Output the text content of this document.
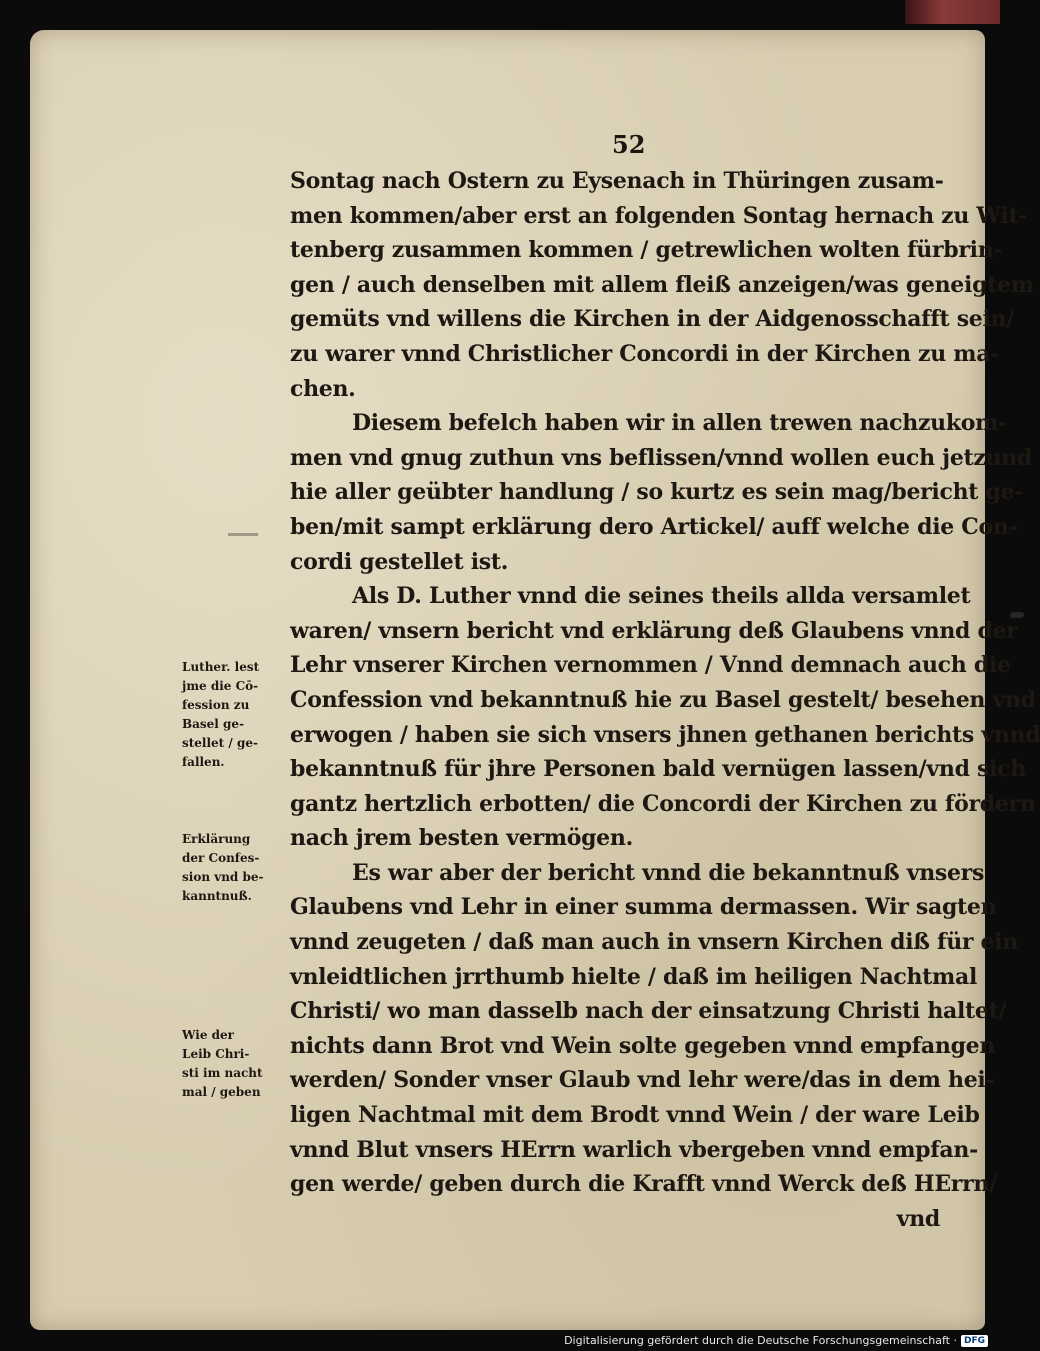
52
Sontag nach Ostern zu Eysenach in Thüringen zusam-
men kommen/aber erst an folgenden Sontag hernach zu Wit-
tenberg zusammen kommen / getrewlichen wolten fürbrin-
gen / auch denselben mit allem fleiß anzeigen/was geneigtem
gemüts vnd willens die Kirchen in der Aidgenosschafft sein/
zu warer vnnd Christlicher Concordi in der Kirchen zu ma-
chen.
Diesem befelch haben wir in allen trewen nachzukom-
men vnd gnug zuthun vns beflissen/vnnd wollen euch jetzund
hie aller geübter handlung / so kurtz es sein mag/bericht ge-
ben/mit sampt erklärung dero Artickel/ auff welche die Con-
cordi gestellet ist.
Als D. Luther vnnd die seines theils allda versamlet
waren/ vnsern bericht vnd erklärung deß Glaubens vnnd der
Lehr vnserer Kirchen vernommen / Vnnd demnach auch die
Confession vnd bekanntnuß hie zu Basel gestelt/ besehen vnd
erwogen / haben sie sich vnsers jhnen gethanen berichts vnnd
bekanntnuß für jhre Personen bald vernügen lassen/vnd sich
gantz hertzlich erbotten/ die Concordi der Kirchen zu fördern
nach jrem besten vermögen.
Es war aber der bericht vnnd die bekanntnuß vnsers
Glaubens vnd Lehr in einer summa dermassen. Wir sagten
vnnd zeugeten / daß man auch in vnsern Kirchen diß für ein
vnleidtlichen jrrthumb hielte / daß im heiligen Nachtmal
Christi/ wo man dasselb nach der einsatzung Christi haltet/
nichts dann Brot vnd Wein solte gegeben vnnd empfangen
werden/ Sonder vnser Glaub vnd lehr were/das in dem hei-
ligen Nachtmal mit dem Brodt vnnd Wein / der ware Leib
vnnd Blut vnsers HErrn warlich vbergeben vnnd empfan-
gen werde/ geben durch die Krafft vnnd Werck deß HErrn/
vnd
Luther. lest
jme die Cō-
fession zu
Basel ge-
stellet / ge-
fallen.
Erklärung
der Confes-
sion vnd be-
kanntnuß.
Wie der
Leib Chri-
sti im nacht
mal / geben
Digitalisierung gefördert durch die Deutsche Forschungsgemeinschaft · DFG
